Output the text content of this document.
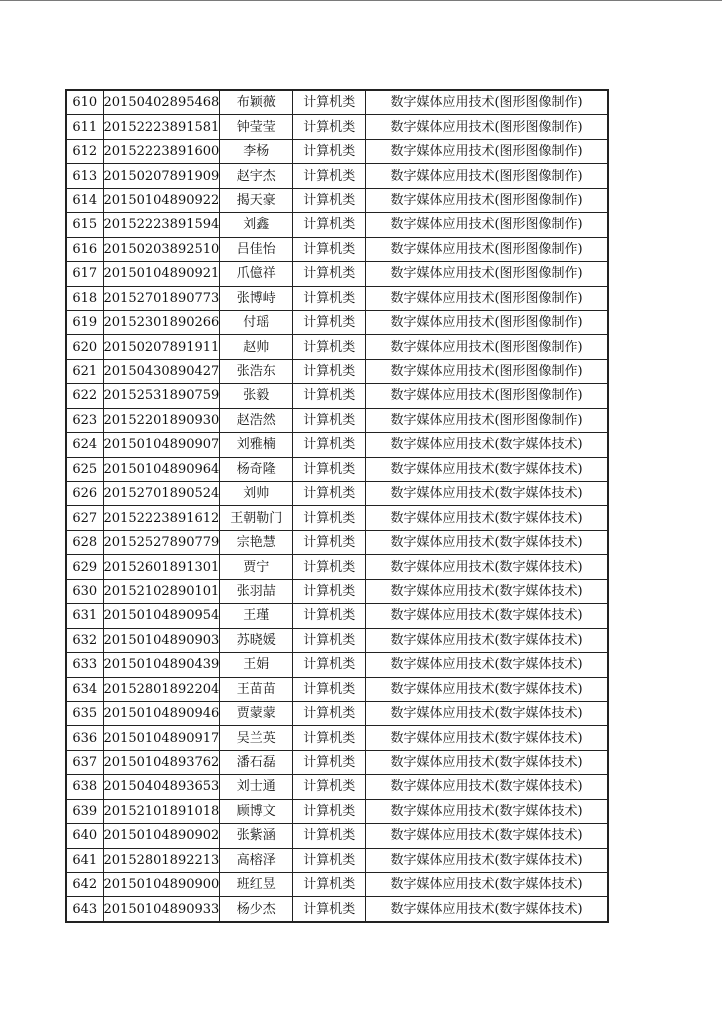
610	20150402895468	布颖薇	计算机类	数字媒体应用技术(图形图像制作)
611	20152223891581	钟莹莹	计算机类	数字媒体应用技术(图形图像制作)
612	20152223891600	李杨	计算机类	数字媒体应用技术(图形图像制作)
613	20150207891909	赵宇杰	计算机类	数字媒体应用技术(图形图像制作)
614	20150104890922	揭天豪	计算机类	数字媒体应用技术(图形图像制作)
615	20152223891594	刘鑫	计算机类	数字媒体应用技术(图形图像制作)
616	20150203892510	吕佳怡	计算机类	数字媒体应用技术(图形图像制作)
617	20150104890921	爪億祥	计算机类	数字媒体应用技术(图形图像制作)
618	20152701890773	张博峙	计算机类	数字媒体应用技术(图形图像制作)
619	20152301890266	付瑶	计算机类	数字媒体应用技术(图形图像制作)
620	20150207891911	赵帅	计算机类	数字媒体应用技术(图形图像制作)
621	20150430890427	张浩东	计算机类	数字媒体应用技术(图形图像制作)
622	20152531890759	张毅	计算机类	数字媒体应用技术(图形图像制作)
623	20152201890930	赵浩然	计算机类	数字媒体应用技术(图形图像制作)
624	20150104890907	刘雅楠	计算机类	数字媒体应用技术(数字媒体技术)
625	20150104890964	杨奇隆	计算机类	数字媒体应用技术(数字媒体技术)
626	20152701890524	刘帅	计算机类	数字媒体应用技术(数字媒体技术)
627	20152223891612	王朝勒门	计算机类	数字媒体应用技术(数字媒体技术)
628	20152527890779	宗艳慧	计算机类	数字媒体应用技术(数字媒体技术)
629	20152601891301	贾宁	计算机类	数字媒体应用技术(数字媒体技术)
630	20152102890101	张羽喆	计算机类	数字媒体应用技术(数字媒体技术)
631	20150104890954	王瑾	计算机类	数字媒体应用技术(数字媒体技术)
632	20150104890903	苏晓媛	计算机类	数字媒体应用技术(数字媒体技术)
633	20150104890439	王娟	计算机类	数字媒体应用技术(数字媒体技术)
634	20152801892204	王苗苗	计算机类	数字媒体应用技术(数字媒体技术)
635	20150104890946	贾蒙蒙	计算机类	数字媒体应用技术(数字媒体技术)
636	20150104890917	吴兰英	计算机类	数字媒体应用技术(数字媒体技术)
637	20150104893762	潘石磊	计算机类	数字媒体应用技术(数字媒体技术)
638	20150404893653	刘士通	计算机类	数字媒体应用技术(数字媒体技术)
639	20152101891018	顾博文	计算机类	数字媒体应用技术(数字媒体技术)
640	20150104890902	张紫涵	计算机类	数字媒体应用技术(数字媒体技术)
641	20152801892213	高榕泽	计算机类	数字媒体应用技术(数字媒体技术)
642	20150104890900	班红昱	计算机类	数字媒体应用技术(数字媒体技术)
643	20150104890933	杨少杰	计算机类	数字媒体应用技术(数字媒体技术)
